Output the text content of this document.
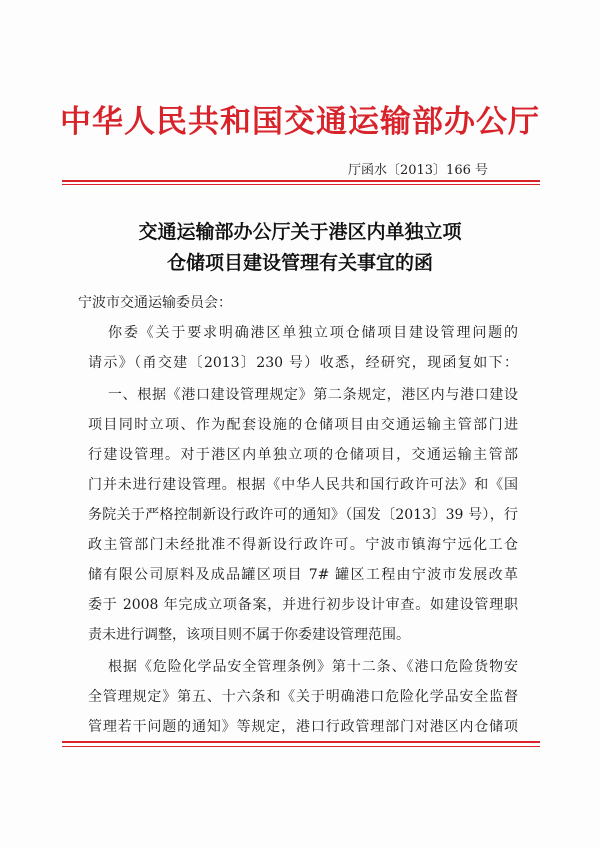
中华人民共和国交通运输部办公厅
厅函水〔2013〕166 号
交通运输部办公厅关于港区内单独立项
仓储项目建设管理有关事宜的函
宁波市交通运输委员会：
你委《关于要求明确港区单独立项仓储项目建设管理问题的
请示》（甬交建〔2013〕230 号）收悉，经研究，现函复如下：
一、根据《港口建设管理规定》第二条规定，港区内与港口建设
项目同时立项、作为配套设施的仓储项目由交通运输主管部门进
行建设管理。对于港区内单独立项的仓储项目，交通运输主管部
门并未进行建设管理。根据《中华人民共和国行政许可法》和《国
务院关于严格控制新设行政许可的通知》（国发〔2013〕39 号），行
政主管部门未经批准不得新设行政许可。宁波市镇海宁远化工仓
储有限公司原料及成品罐区项目 7# 罐区工程由宁波市发展改革
委于 2008 年完成立项备案，并进行初步设计审查。如建设管理职
责未进行调整，该项目则不属于你委建设管理范围。
根据《危险化学品安全管理条例》第十二条、《港口危险货物安
全管理规定》第五、十六条和《关于明确港口危险化学品安全监督
管理若干问题的通知》等规定，港口行政管理部门对港区内仓储项
